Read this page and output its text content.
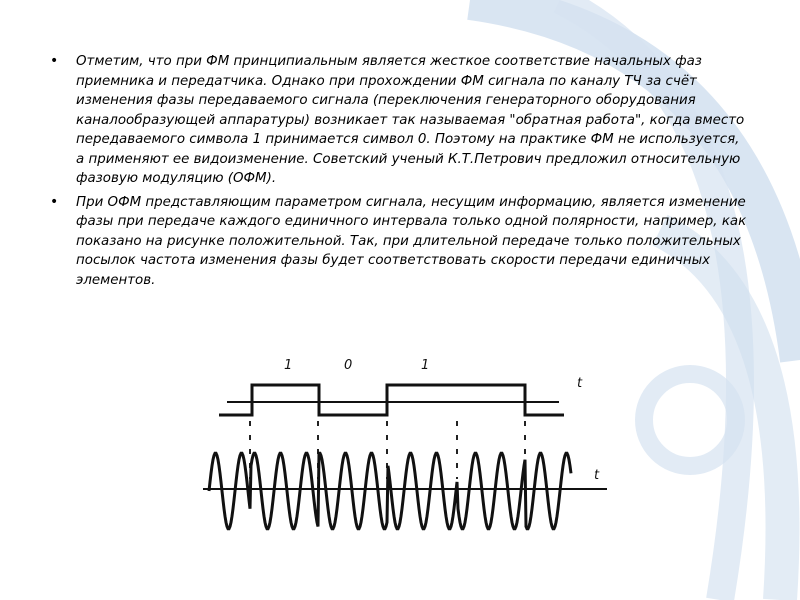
• Отметим, что при ФМ принципиальным является жесткое соответствие начальных фаз приемника и передатчика. Однако при прохождении ФМ сигнала по каналу ТЧ за счёт изменения фазы передаваемого сигнала (переключения генераторного оборудования каналообразующей аппаратуры) возникает так называемая "обратная работа", когда вместо передаваемого символа 1 принимается символ 0. Поэтому на практике ФМ не используется, а применяют ее видоизменение. Советский ученый К.Т.Петрович предложил относительную фазовую модуляцию (ОФМ).

• При ОФМ представляющим параметром сигнала, несущим информацию, является изменение фазы при передаче каждого единичного интервала только одной полярности, например, как показано на рисунке положительной. Так, при длительной передаче только положительных посылок частота изменения фазы будет соответствовать скорости передачи единичных элементов.

1	0	1
t
t
